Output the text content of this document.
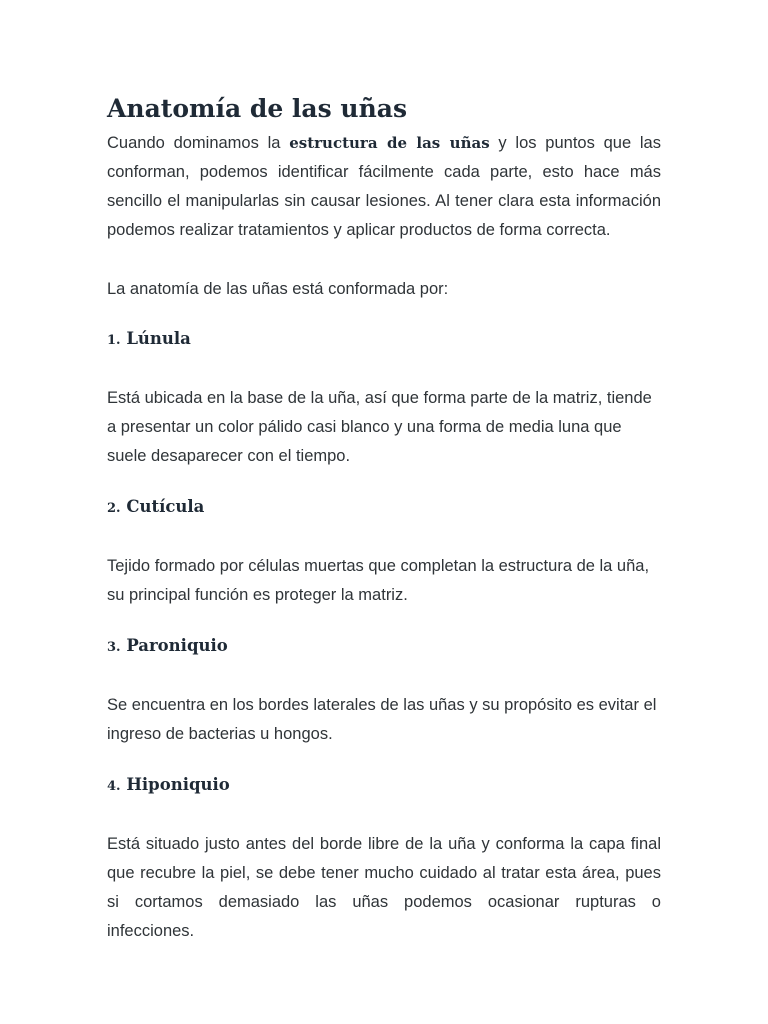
Anatomía de las uñas

Cuando dominamos la estructura de las uñas y los puntos que las conforman, podemos identificar fácilmente cada parte, esto hace más sencillo el manipularlas sin causar lesiones. Al tener clara esta información podemos realizar tratamientos y aplicar productos de forma correcta.

La anatomía de las uñas está conformada por:

1. Lúnula

Está ubicada en la base de la uña, así que forma parte de la matriz, tiende a presentar un color pálido casi blanco y una forma de media luna que suele desaparecer con el tiempo.

2. Cutícula

Tejido formado por células muertas que completan la estructura de la uña, su principal función es proteger la matriz.

3. Paroniquio

Se encuentra en los bordes laterales de las uñas y su propósito es evitar el ingreso de bacterias u hongos.

4. Hiponiquio

Está situado justo antes del borde libre de la uña y conforma la capa final que recubre la piel, se debe tener mucho cuidado al tratar esta área, pues si cortamos demasiado las uñas podemos ocasionar rupturas o infecciones.
